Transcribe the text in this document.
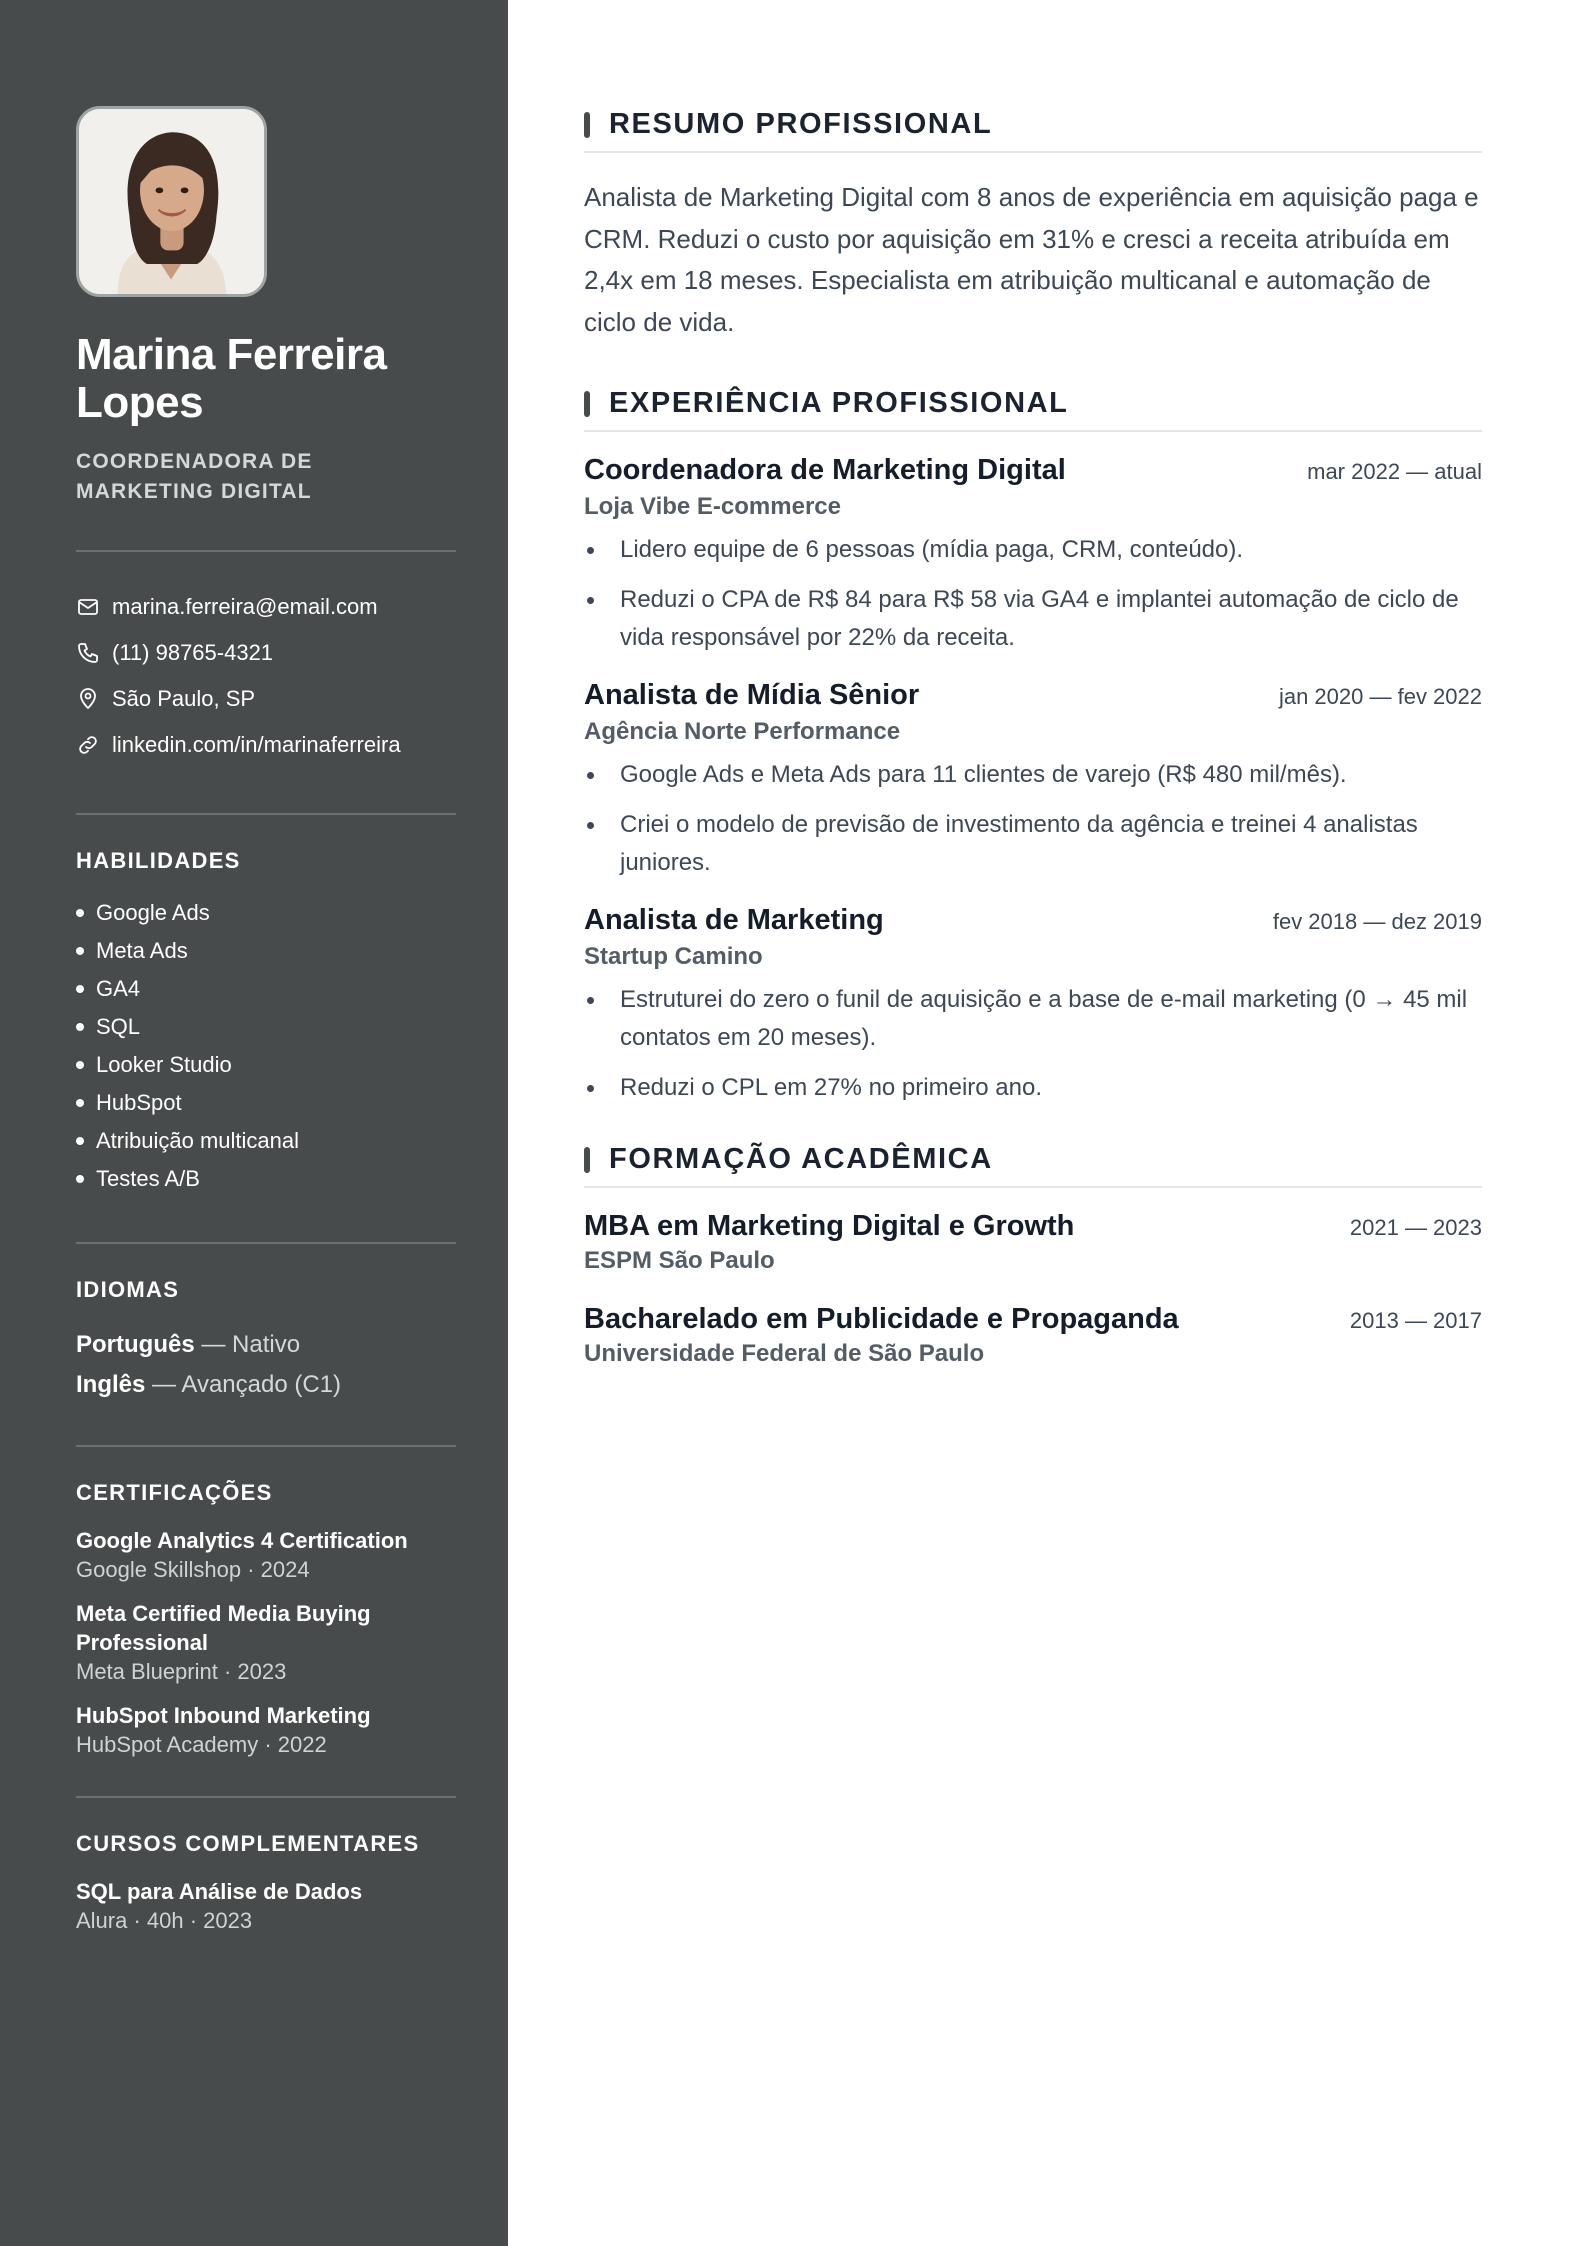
Marina Ferreira Lopes
COORDENADORA DE MARKETING DIGITAL
marina.ferreira@email.com
(11) 98765-4321
São Paulo, SP
linkedin.com/in/marinaferreira
HABILIDADES
Google Ads
Meta Ads
GA4
SQL
Looker Studio
HubSpot
Atribuição multicanal
Testes A/B
IDIOMAS
Português — Nativo
Inglês — Avançado (C1)
CERTIFICAÇÕES
Google Analytics 4 Certification
Google Skillshop · 2024
Meta Certified Media Buying Professional
Meta Blueprint · 2023
HubSpot Inbound Marketing
HubSpot Academy · 2022
CURSOS COMPLEMENTARES
SQL para Análise de Dados
Alura · 40h · 2023
RESUMO PROFISSIONAL

Analista de Marketing Digital com 8 anos de experiência em aquisição paga e CRM. Reduzi o custo por aquisição em 31% e cresci a receita atribuída em 2,4x em 18 meses. Especialista em atribuição multicanal e automação de ciclo de vida.

EXPERIÊNCIA PROFISSIONAL
Coordenadora de Marketing Digital	mar 2022 — atual
Loja Vibe E-commerce
Lidero equipe de 6 pessoas (mídia paga, CRM, conteúdo).
Reduzi o CPA de R$ 84 para R$ 58 via GA4 e implantei automação de ciclo de vida responsável por 22% da receita.
Analista de Mídia Sênior	jan 2020 — fev 2022
Agência Norte Performance
Google Ads e Meta Ads para 11 clientes de varejo (R$ 480 mil/mês).
Criei o modelo de previsão de investimento da agência e treinei 4 analistas juniores.
Analista de Marketing	fev 2018 — dez 2019
Startup Camino
Estruturei do zero o funil de aquisição e a base de e-mail marketing (0 → 45 mil contatos em 20 meses).
Reduzi o CPL em 27% no primeiro ano.
FORMAÇÃO ACADÊMICA
MBA em Marketing Digital e Growth	2021 — 2023
ESPM São Paulo
Bacharelado em Publicidade e Propaganda	2013 — 2017
Universidade Federal de São Paulo
